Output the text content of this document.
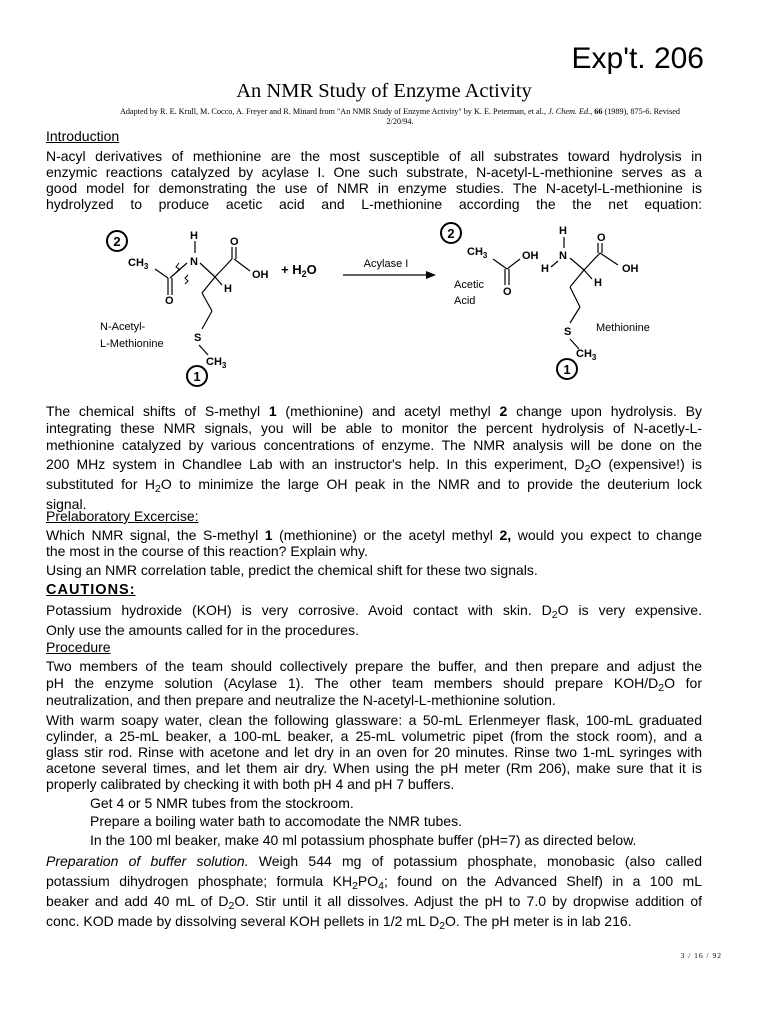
Exp't. 206
An NMR Study of Enzyme Activity
Adapted by R. E. Krull, M. Cocco, A. Freyer and R. Minard from "An NMR Study of Enzyme Activity" by K. E. Peterman, et al., J. Chem. Ed., 66 (1989), 875-6. Revised
2/20/94.
Introduction
N-acyl derivatives of methionine are the most susceptible of all substrates toward hydrolysis in
enzymic reactions catalyzed by acylase I. One such substrate, N-acetyl-L-methionine serves as a
good model for demonstrating the use of NMR in enzyme studies. The N-acetyl-L-methionine is
hydrolyzed to produce acetic acid and L-methionine according the the net equation:
2
$CH_3$
O
N
H	O
OH
H
S
$CH_3$
1
N-Acetyl-
L-Methionine
+ $H_2O$	Acylase I
2
$CH_3$
O
OH
Acetic
Acid
H
N
H
O
OH
H
S
$CH_3$
1
Methionine
The chemical shifts of S-methyl 1 (methionine) and acetyl methyl 2 change upon hydrolysis. By
integrating these NMR signals, you will be able to monitor the percent hydrolysis of N-acetly-L-
methionine catalyzed by various concentrations of enzyme. The NMR analysis will be done on the
200 MHz system in Chandlee Lab with an instructor's help. In this experiment, $D_2O$ (expensive!) is
substituted for $H_2O$ to minimize the large OH peak in the NMR and to provide the deuterium lock
signal.
Prelaboratory Excercise:
Which NMR signal, the S-methyl 1 (methionine) or the acetyl methyl 2, would you expect to change
the most in the course of this reaction? Explain why.
Using an NMR correlation table, predict the chemical shift for these two signals.
CAUTIONS:
Potassium hydroxide (KOH) is very corrosive. Avoid contact with skin. $D_2O$ is very expensive.
Only use the amounts called for in the procedures.
Procedure
Two members of the team should collectively prepare the buffer, and then prepare and adjust the
pH the enzyme solution (Acylase 1). The other team members should prepare KOH/$D_2O$ for
neutralization, and then prepare and neutralize the N-acetyl-L-methionine solution.
With warm soapy water, clean the following glassware: a 50-mL Erlenmeyer flask, 100-mL graduated
cylinder, a 25-mL beaker, a 100-mL beaker, a 25-mL volumetric pipet (from the stock room), and a
glass stir rod. Rinse with acetone and let dry in an oven for 20 minutes. Rinse two 1-mL syringes with
acetone several times, and let them air dry. When using the pH meter (Rm 206), make sure that it is
properly calibrated by checking it with both pH 4 and pH 7 buffers.
Get 4 or 5 NMR tubes from the stockroom.
Prepare a boiling water bath to accomodate the NMR tubes.
In the 100 ml beaker, make 40 ml potassium phosphate buffer (pH=7) as directed below.
Preparation of buffer solution. Weigh 544 mg of potassium phosphate, monobasic (also called
potassium dihydrogen phosphate; formula $KH_2PO_4$; found on the Advanced Shelf) in a 100 mL
beaker and add 40 mL of $D_2O$. Stir until it all dissolves. Adjust the pH to 7.0 by dropwise addition of
conc. KOD made by dissolving several KOH pellets in 1/2 mL $D_2O$. The pH meter is in lab 216.
3 / 16 / 92
